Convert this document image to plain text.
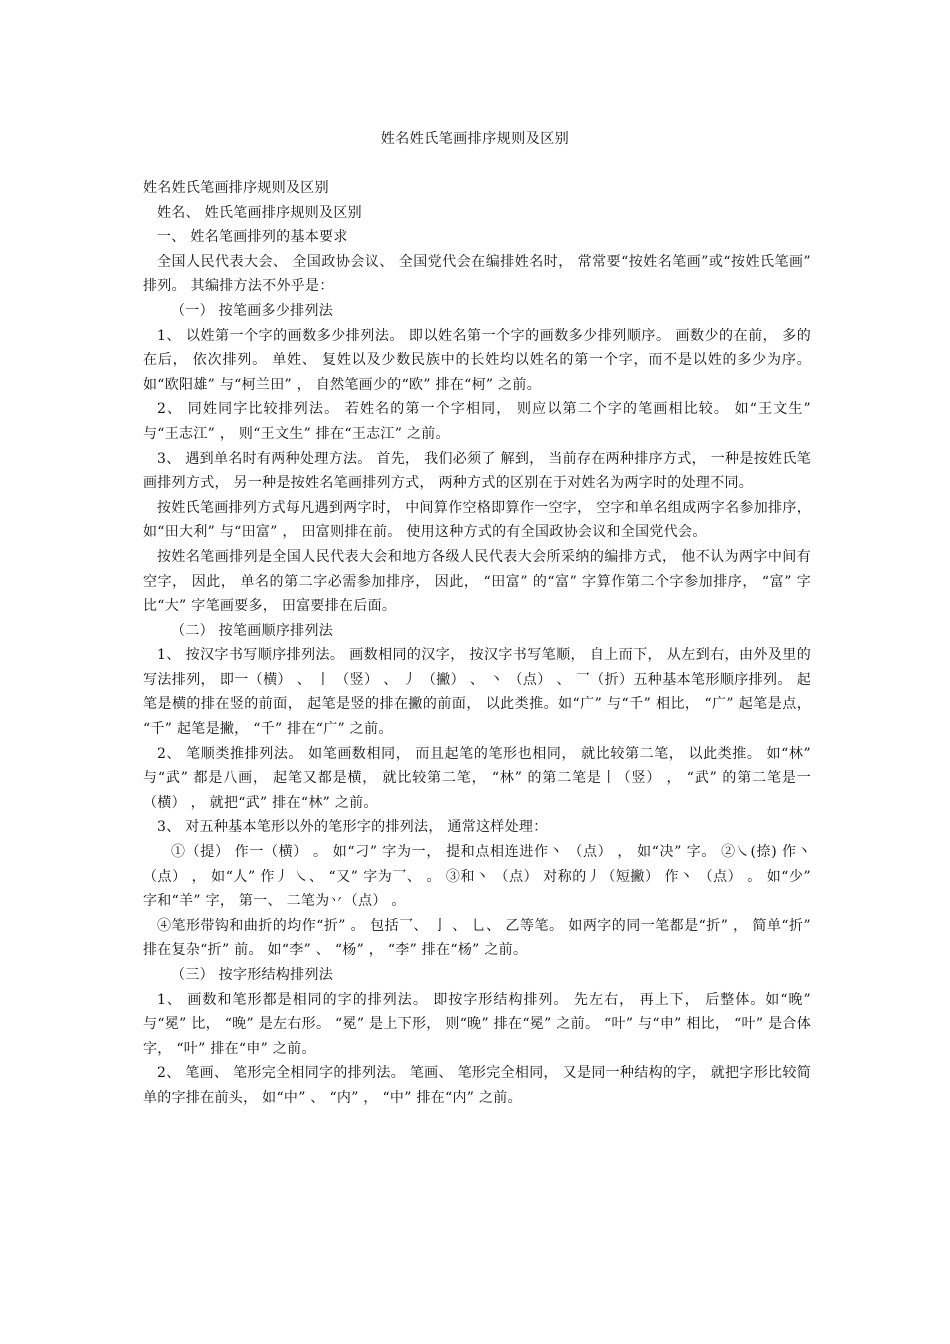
姓名姓氏笔画排序规则及区别

姓名姓氏笔画排序规则及区别

姓名、 姓氏笔画排序规则及区别

一、 姓名笔画排列的基本要求

全国人民代表大会、 全国政协会议、 全国党代会在编排姓名时， 常常要“按姓名笔画”或“按姓氏笔画” 排列。 其编排方法不外乎是：

（一） 按笔画多少排列法

1、 以姓第一个字的画数多少排列法。 即以姓名第一个字的画数多少排列顺序。 画数少的在前， 多的在后， 依次排列。 单姓、 复姓以及少数民族中的长姓均以姓名的第一个字，而不是以姓的多少为序。 如“欧阳雄” 与“柯兰田” ， 自然笔画少的“欧” 排在“柯” 之前。

2、 同姓同字比较排列法。 若姓名的第一个字相同， 则应以第二个字的笔画相比较。 如“王文生” 与“王志江” ， 则“王文生” 排在“王志江” 之前。

3、 遇到单名时有两种处理方法。 首先， 我们必须了 解到， 当前存在两种排序方式， 一种是按姓氏笔画排列方式， 另一种是按姓名笔画排列方式， 两种方式的区别在于对姓名为两字时的处理不同。

按姓氏笔画排列方式每凡遇到两字时， 中间算作空格即算作一空字， 空字和单名组成两字名参加排序， 如“田大利” 与“田富” ， 田富则排在前。 使用这种方式的有全国政协会议和全国党代会。

按姓名笔画排列是全国人民代表大会和地方各级人民代表大会所采纳的编排方式， 他不认为两字中间有空字， 因此， 单名的第二字必需参加排序， 因此， “田富” 的“富” 字算作第二个字参加排序， “富” 字比“大” 字笔画要多， 田富要排在后面。

（二） 按笔画顺序排列法

1、 按汉字书写顺序排列法。 画数相同的汉字， 按汉字书写笔顺， 自上而下， 从左到右，由外及里的写法排列， 即一（横） 、 丨 （竖） 、 丿 （撇） 、 丶 （点） 、 乛（折）五种基本笔形顺序排列。 起笔是横的排在竖的前面， 起笔是竖的排在撇的前面， 以此类推。如“广” 与“千” 相比， “广” 起笔是点， “千” 起笔是撇， “千” 排在“广” 之前。

2、 笔顺类推排列法。 如笔画数相同， 而且起笔的笔形也相同， 就比较第二笔， 以此类推。 如“林” 与“武” 都是八画， 起笔又都是横， 就比较第二笔， “林” 的第二笔是丨（竖） ， “武” 的第二笔是一（横） ， 就把“武” 排在“林” 之前。

3、 对五种基本笔形以外的笔形字的排列法， 通常这样处理：

①（提） 作一（横） 。 如“刁” 字为一， 提和点相连进作丶 （点） ， 如“决” 字。 ②㇏(捺) 作丶 （点） ， 如“人” 作丿 ㇏、 “又” 字为乛、 。 ③和丶 （点） 对称的丿（短撇） 作丶 （点） 。 如“少” 字和“羊” 字， 第一、 二笔为丷（点） 。

④笔形带钩和曲折的均作“折” 。 包括乛、 亅 、 乚、 乙等笔。 如两字的同一笔都是“折” ， 简单“折” 排在复杂“折” 前。 如“李” 、 “杨” ， “李” 排在“杨” 之前。

（三） 按字形结构排列法

1、 画数和笔形都是相同的字的排列法。 即按字形结构排列。 先左右， 再上下， 后整体。如“晚” 与“冕” 比， “晚” 是左右形。 “冕” 是上下形， 则“晚” 排在“冕” 之前。 “叶” 与“申” 相比， “叶” 是合体字， “叶” 排在“申” 之前。

2、 笔画、 笔形完全相同字的排列法。 笔画、 笔形完全相同， 又是同一种结构的字， 就把字形比较简单的字排在前头， 如“中” 、 “内” ， “中” 排在“内” 之前。
